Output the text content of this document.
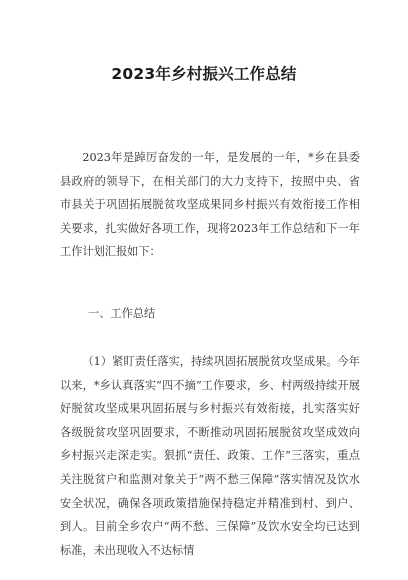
2023年乡村振兴工作总结

2023年是踔厉奋发的一年，是发展的一年，*乡在县委县政府的领导下，在相关部门的大力支持下，按照中央、省市县关于巩固拓展脱贫攻坚成果同乡村振兴有效衔接工作相关要求，扎实做好各项工作，现将2023年工作总结和下一年工作计划汇报如下：

一、工作总结

（1）紧盯责任落实，持续巩固拓展脱贫攻坚成果。今年以来，*乡认真落实“四不摘”工作要求，乡、村两级持续开展好脱贫攻坚成果巩固拓展与乡村振兴有效衔接，扎实落实好各级脱贫攻坚巩固要求，不断推动巩固拓展脱贫攻坚成效向乡村振兴走深走实。狠抓“责任、政策、工作”三落实，重点关注脱贫户和监测对象关于“两不愁三保障”落实情况及饮水安全状况，确保各项政策措施保持稳定并精准到村、到户、到人。目前全乡农户“两不愁、三保障”及饮水安全均已达到标准，未出现收入不达标情
